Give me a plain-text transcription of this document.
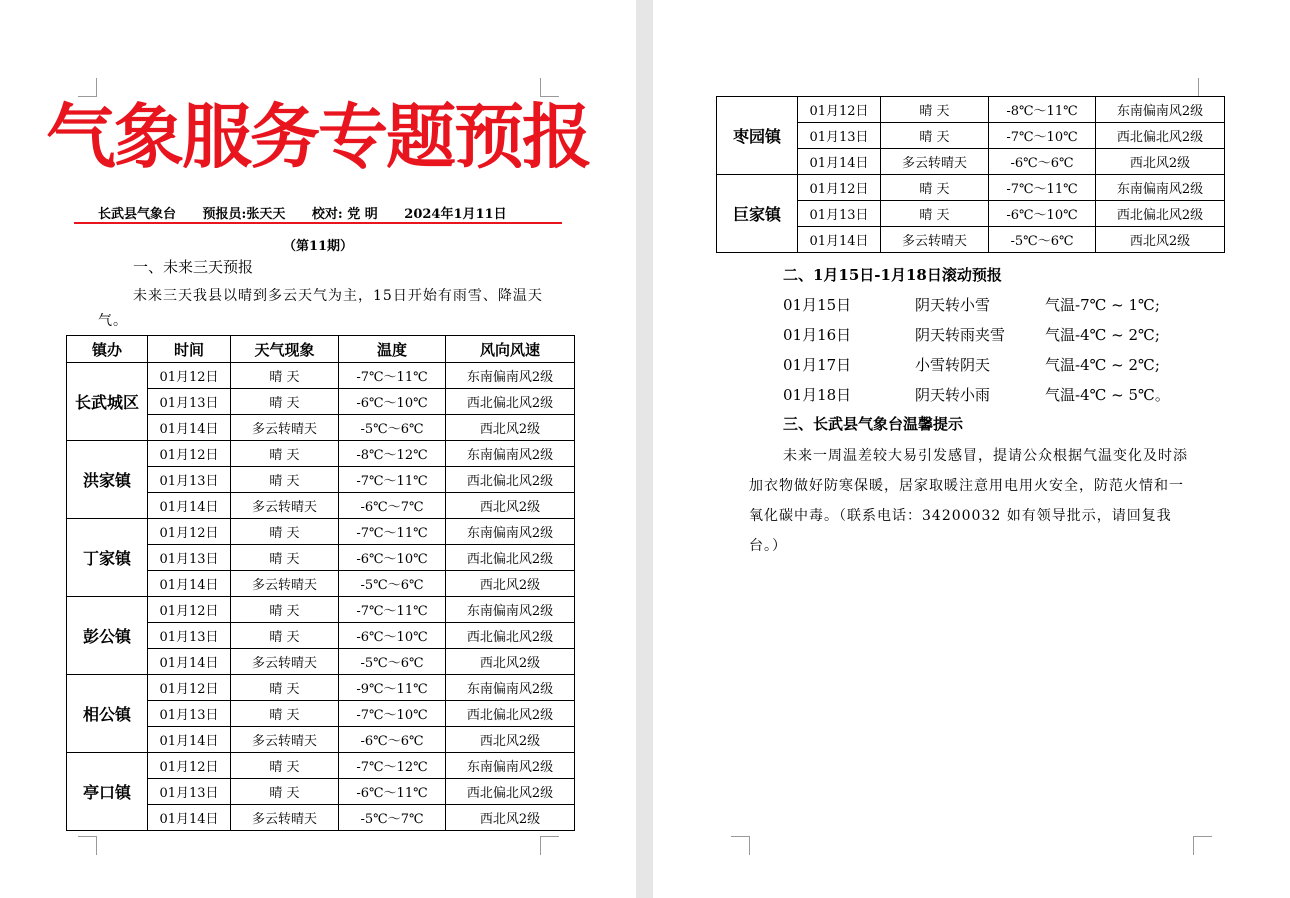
气象服务专题预报
长武县气象台 预报员:张天天 校对: 党 明 2024年1月11日
（第11期）
一、未来三天预报
未来三天我县以晴到多云天气为主，15日开始有雨雪、降温天气。
镇办	时间	天气现象	温度	风向风速
长武城区	01月12日	晴 天	-7℃～11℃	东南偏南风2级
	01月13日	晴 天	-6℃～10℃	西北偏北风2级
	01月14日	多云转晴天	-5℃～6℃	西北风2级
洪家镇	01月12日	晴 天	-8℃～12℃	东南偏南风2级
	01月13日	晴 天	-7℃～11℃	西北偏北风2级
	01月14日	多云转晴天	-6℃～7℃	西北风2级
丁家镇	01月12日	晴 天	-7℃～11℃	东南偏南风2级
	01月13日	晴 天	-6℃～10℃	西北偏北风2级
	01月14日	多云转晴天	-5℃～6℃	西北风2级
彭公镇	01月12日	晴 天	-7℃～11℃	东南偏南风2级
	01月13日	晴 天	-6℃～10℃	西北偏北风2级
	01月14日	多云转晴天	-5℃～6℃	西北风2级
相公镇	01月12日	晴 天	-9℃～11℃	东南偏南风2级
	01月13日	晴 天	-7℃～10℃	西北偏北风2级
	01月14日	多云转晴天	-6℃～6℃	西北风2级
亭口镇	01月12日	晴 天	-7℃～12℃	东南偏南风2级
	01月13日	晴 天	-6℃～11℃	西北偏北风2级
	01月14日	多云转晴天	-5℃～7℃	西北风2级
枣园镇	01月12日	晴 天	-8℃～11℃	东南偏南风2级
	01月13日	晴 天	-7℃～10℃	西北偏北风2级
	01月14日	多云转晴天	-6℃～6℃	西北风2级
巨家镇	01月12日	晴 天	-7℃～11℃	东南偏南风2级
	01月13日	晴 天	-6℃～10℃	西北偏北风2级
	01月14日	多云转晴天	-5℃～6℃	西北风2级
二、1月15日-1月18日滚动预报
三、长武县气象台温馨提示
未来一周温差较大易引发感冒，提请公众根据气温变化及时添加衣物做好防寒保暖，居家取暖注意用电用火安全，防范火情和一氧化碳中毒。（联系电话：34200032 如有领导批示，请回复我台。）
01月15日	阴天转小雪	气温-7℃ ~ 1℃;
01月16日	阴天转雨夹雪	气温-4℃ ~ 2℃;
01月17日	小雪转阴天	气温-4℃ ~ 2℃;
01月18日	阴天转小雨	气温-4℃ ~ 5℃。
